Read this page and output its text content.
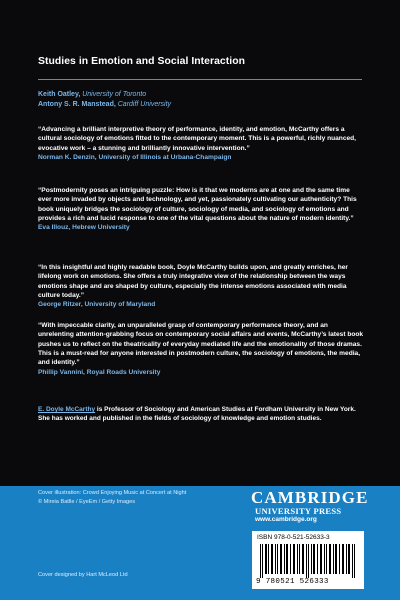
Studies in Emotion and Social Interaction
Keith Oatley, University of Toronto
Antony S. R. Manstead, Cardiff University
“Advancing a brilliant interpretive theory of performance, identity, and emotion, McCarthy offers a cultural sociology of emotions fitted to the contemporary moment. This is a powerful, richly nuanced, evocative work – a stunning and brilliantly innovative intervention.”
Norman K. Denzin, University of Illinois at Urbana-Champaign
“Postmodernity poses an intriguing puzzle: How is it that we moderns are at one and the same time ever more invaded by objects and technology, and yet, passionately cultivating our authenticity? This book uniquely bridges the sociology of culture, sociology of media, and sociology of emotions and provides a rich and lucid response to one of the vital questions about the nature of modern identity.”
Eva Illouz, Hebrew University
“In this insightful and highly readable book, Doyle McCarthy builds upon, and greatly enriches, her lifelong work on emotions. She offers a truly integrative view of the relationship between the ways emotions shape and are shaped by culture, especially the intense emotions associated with media culture today.”
George Ritzer, University of Maryland
“With impeccable clarity, an unparalleled grasp of contemporary performance theory, and an unrelenting attention-grabbing focus on contemporary social affairs and events, McCarthy’s latest book pushes us to reflect on the theatricality of everyday mediated life and the emotionality of those dramas. This is a must-read for anyone interested in postmodern culture, the sociology of emotions, the media, and identity.”
Phillip Vannini, Royal Roads University
E. Doyle McCarthy is Professor of Sociology and American Studies at Fordham University in New York. She has worked and published in the fields of sociology of knowledge and emotion studies.
Cover illustration: Crowd Enjoying Music at Concert at Night
© Mireia Batlle / EyeEm / Getty Images
Cover designed by Hart McLeod Ltd
CAMBRIDGE
UNIVERSITY PRESS
www.cambridge.org
ISBN 978-0-521-52633-3
9 780521 526333
